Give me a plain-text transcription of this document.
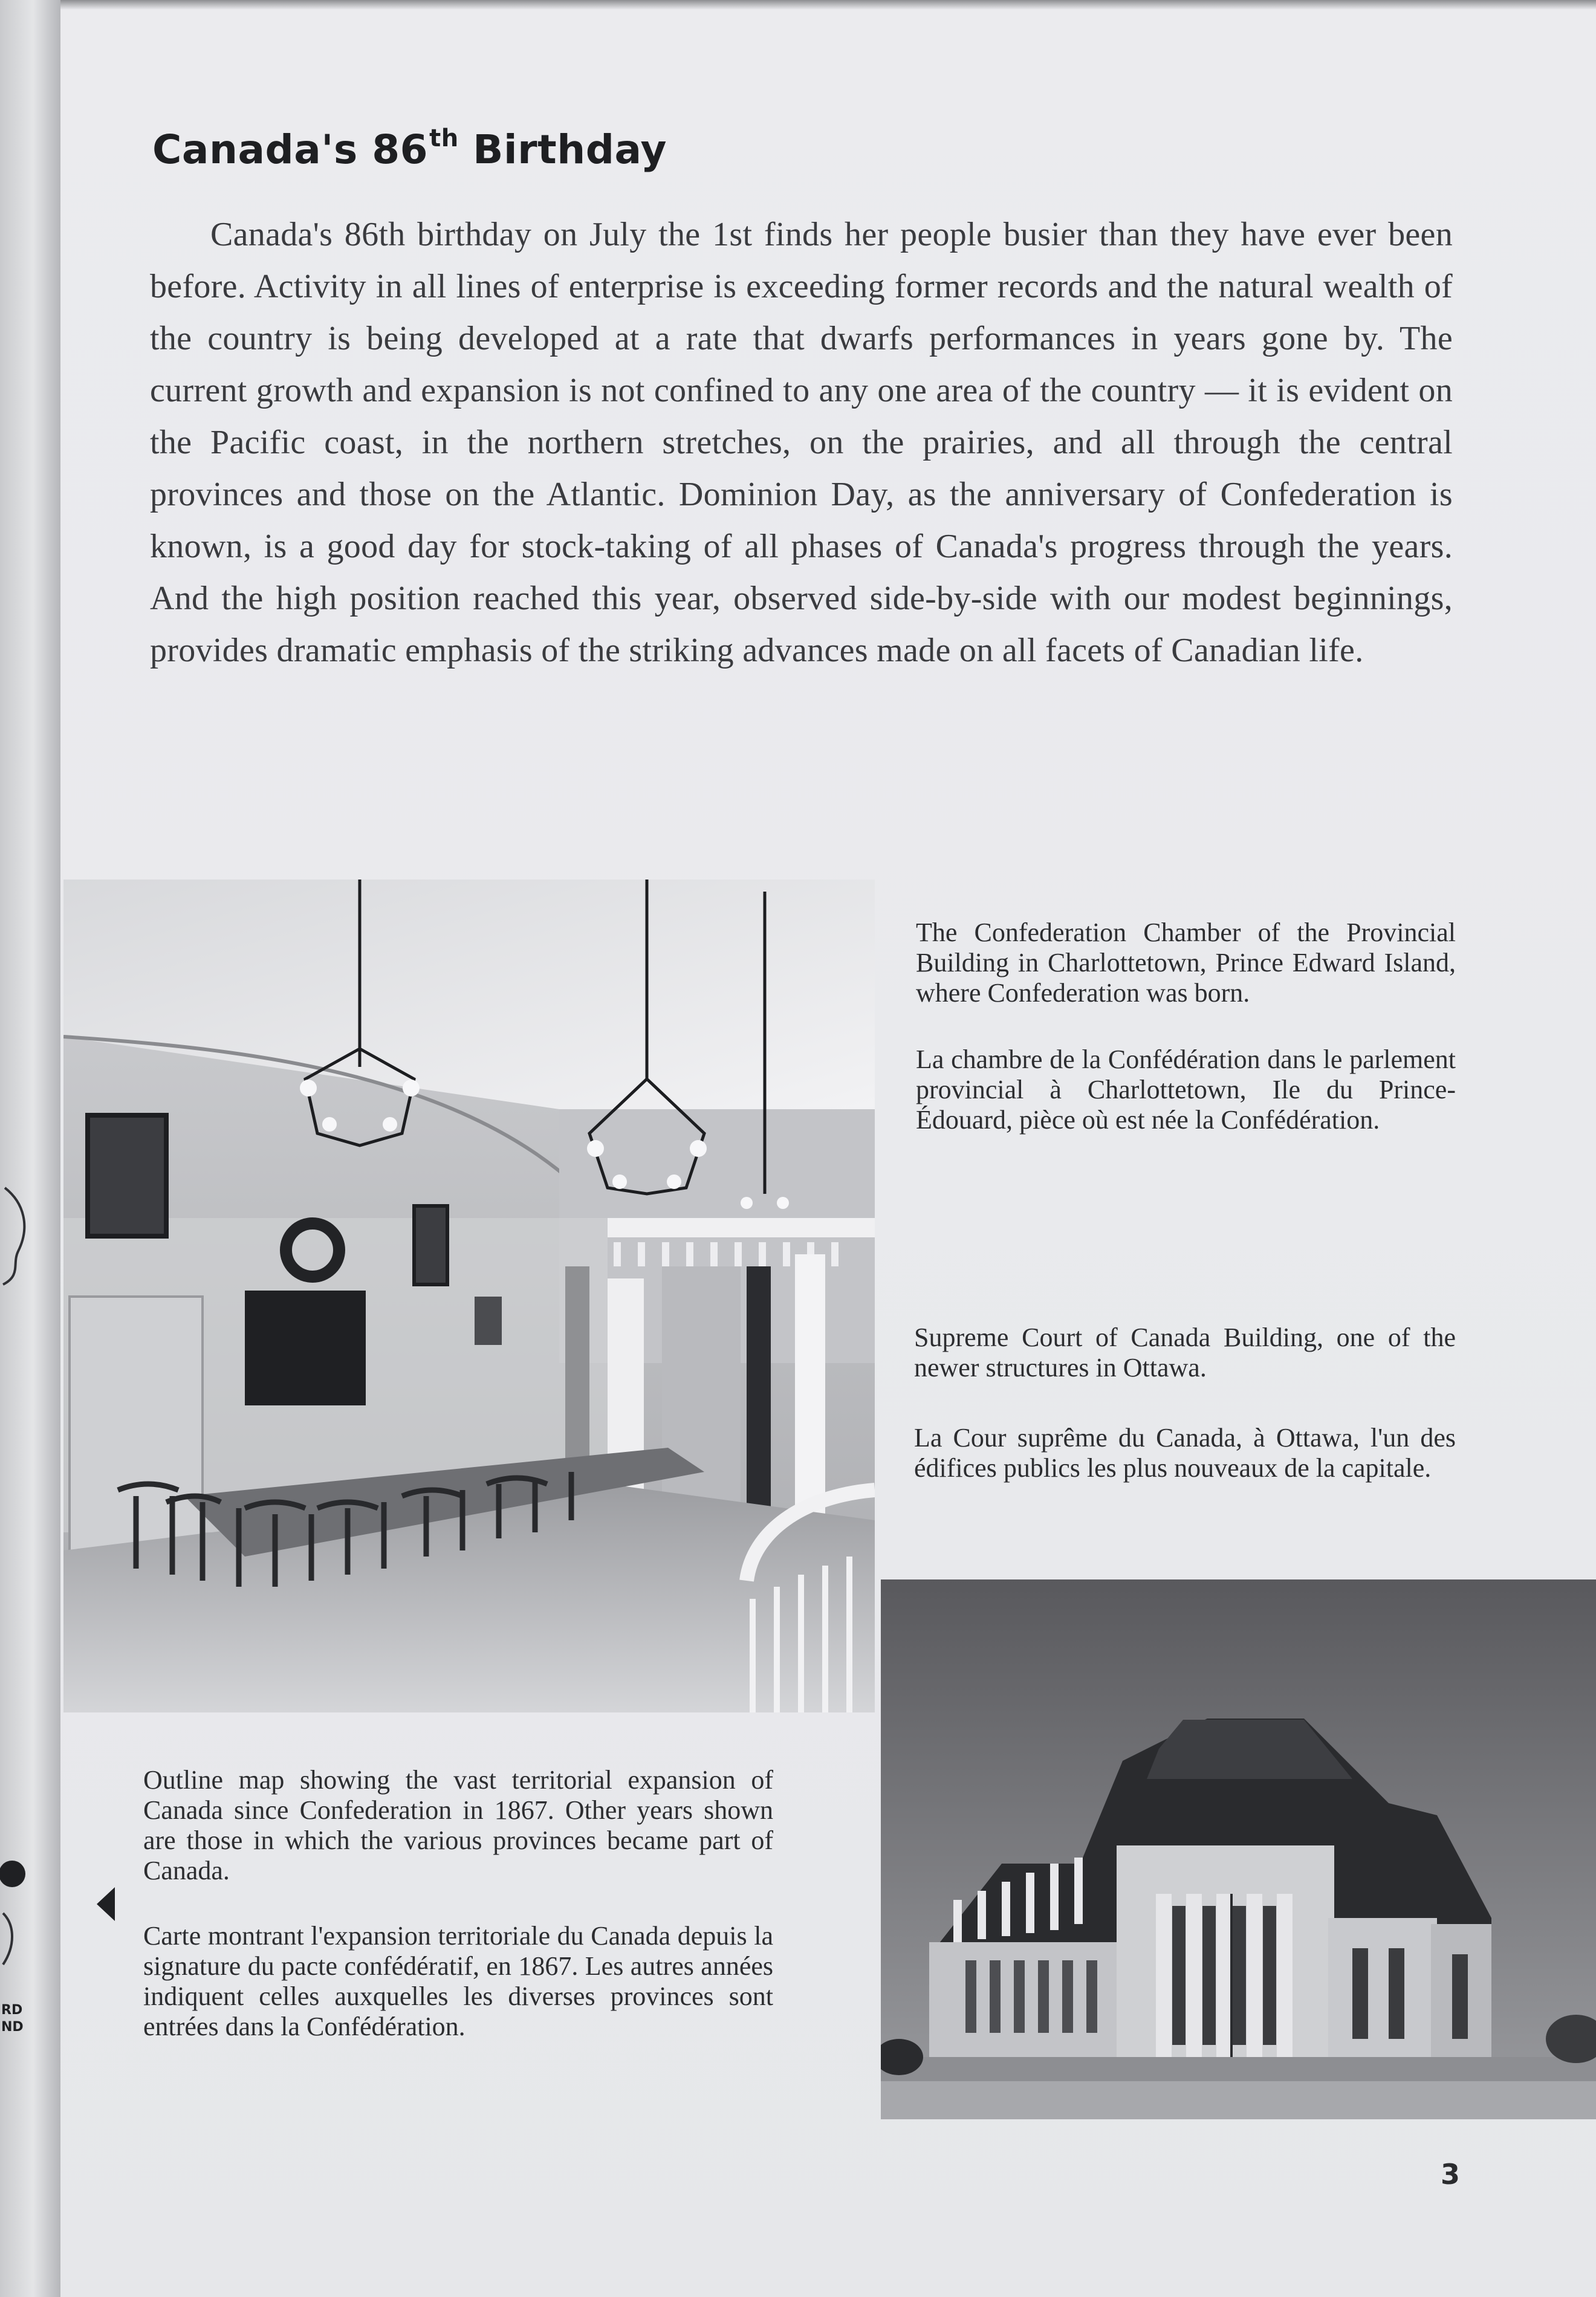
RD
ND
Canada's 86th Birthday
Canada's 86th birthday on July the 1st finds her people busier than they have ever been before. Activity in all lines of enterprise is exceeding former records and the natural wealth of the country is being developed at a rate that dwarfs performances in years gone by. The current growth and expansion is not confined to any one area of the country — it is evident on the Pacific coast, in the northern stretches, on the prairies, and all through the central provinces and those on the Atlantic. Dominion Day, as the anniversary of Confederation is known, is a good day for stock-taking of all phases of Canada's progress through the years. And the high position reached this year, observed side-by-side with our modest beginnings, provides dramatic emphasis of the striking advances made on all facets of Canadian life.

The Confederation Chamber of the Provincial Building in Charlottetown, Prince Edward Island, where Confederation was born.

La chambre de la Confédération dans le parlement provincial à Charlottetown, Ile du Prince-Édouard, pièce où est née la Confédération.

Supreme Court of Canada Building, one of the newer structures in Ottawa.

La Cour suprême du Canada, à Ottawa, l'un des édifices publics les plus nouveaux de la capitale.

Outline map showing the vast territorial expansion of Canada since Confederation in 1867. Other years shown are those in which the various provinces became part of Canada.

Carte montrant l'expansion territoriale du Canada depuis la signature du pacte confédératif, en 1867. Les autres années indiquent celles auxquelles les diverses provinces sont entrées dans la Confédération.

3
